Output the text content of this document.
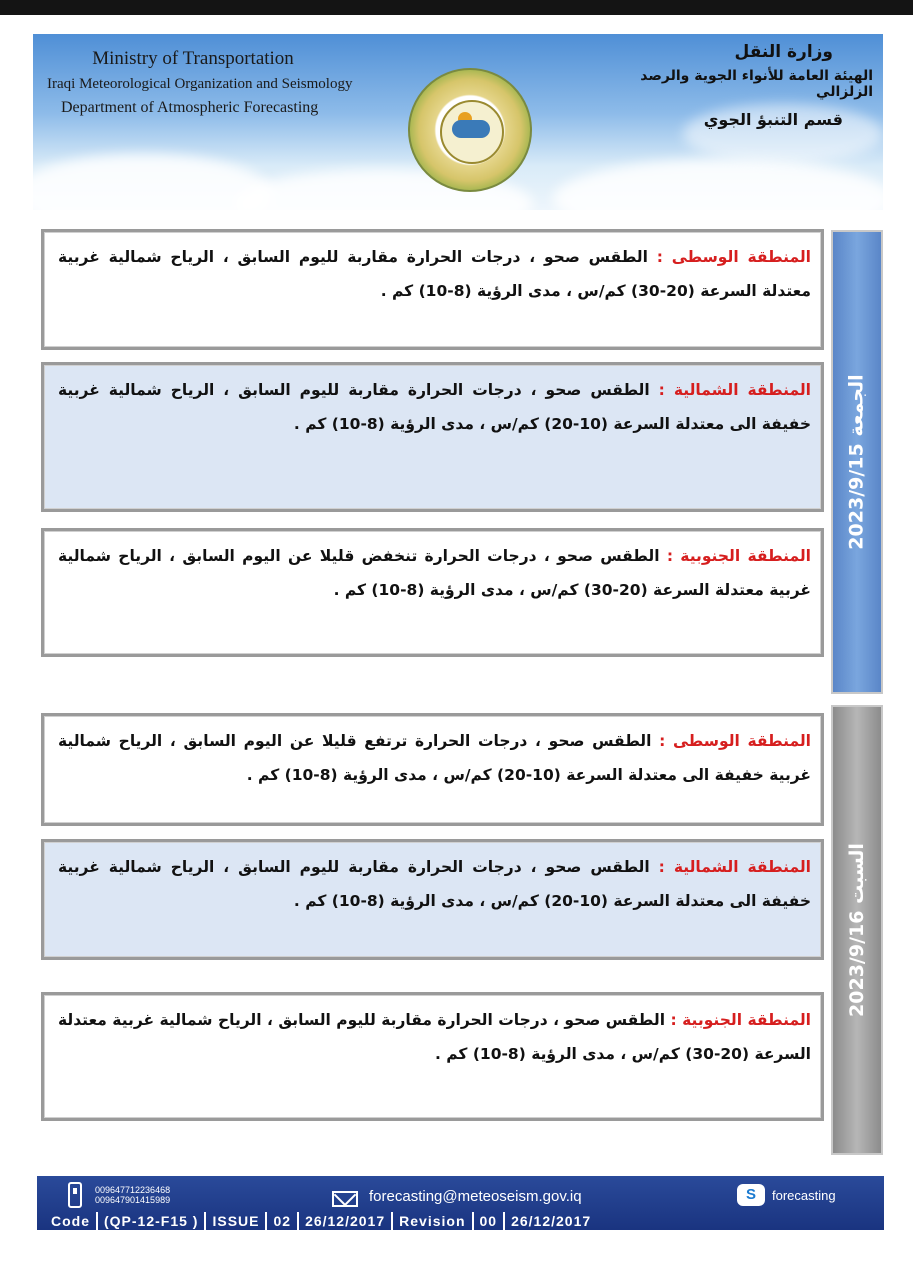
Ministry of Transportation
Iraqi Meteorological Organization and Seismology
Department of Atmospheric Forecasting
وزارة النقل
الهيئة العامة للأنواء الجوية والرصد الزلزالي
قسم التنبؤ الجوي

المنطقة الوسطى : الطقس صحو ، درجات الحرارة مقاربة لليوم السابق ، الرياح شمالية غربية معتدلة السرعة (20-30) كم/س ، مدى الرؤية (8-10) كم .

المنطقة الشمالية : الطقس صحو ، درجات الحرارة مقاربة لليوم السابق ، الرياح شمالية غربية خفيفة الى معتدلة السرعة (10-20) كم/س ، مدى الرؤية (8-10) كم .

المنطقة الجنوبية : الطقس صحو ، درجات الحرارة تنخفض قليلا عن اليوم السابق ، الرياح شمالية غربية معتدلة السرعة (20-30) كم/س ، مدى الرؤية (8-10) كم .

الجمعة 2023/9/15

المنطقة الوسطى : الطقس صحو ، درجات الحرارة ترتفع قليلا عن اليوم السابق ، الرياح شمالية غربية خفيفة الى معتدلة السرعة (10-20) كم/س ، مدى الرؤية (8-10) كم .

المنطقة الشمالية : الطقس صحو ، درجات الحرارة مقاربة لليوم السابق ، الرياح شمالية غربية خفيفة الى معتدلة السرعة (10-20) كم/س ، مدى الرؤية (8-10) كم .

المنطقة الجنوبية : الطقس صحو ، درجات الحرارة مقاربة لليوم السابق ، الرياح شمالية غربية معتدلة السرعة (20-30) كم/س ، مدى الرؤية (8-10) كم .

السبت 2023/9/16
009647712236468
009647901415989	forecasting@meteoseism.gov.iq	S	forecasting
Code	(QP-12-F15 )	ISSUE	02	26/12/2017	Revision	00	26/12/2017
